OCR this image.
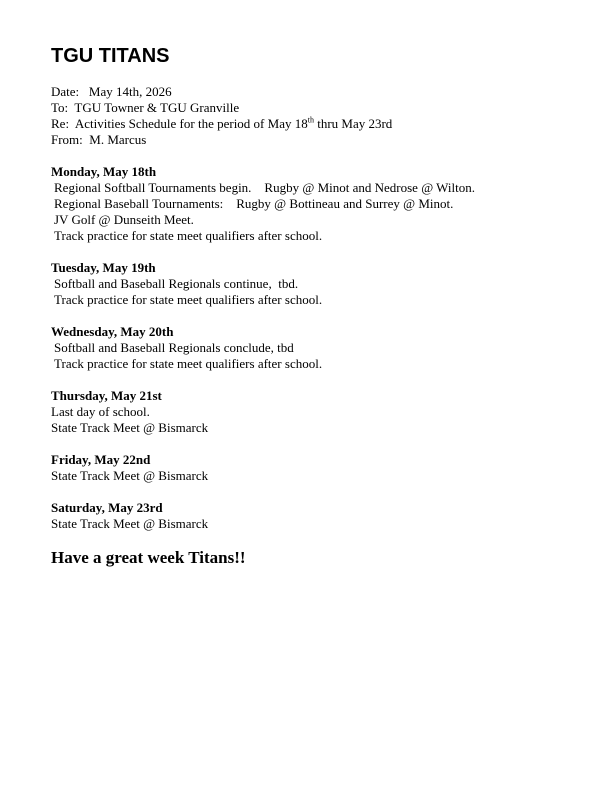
TGU TITANS
Date: May 14th, 2026
To: TGU Towner & TGU Granville
Re: Activities Schedule for the period of May 18th thru May 23rd
From: M. Marcus
Monday, May 18th
Regional Softball Tournaments begin.    Rugby @ Minot and Nedrose @ Wilton.
Regional Baseball Tournaments:    Rugby @ Bottineau and Surrey @ Minot.
JV Golf @ Dunseith Meet.
Track practice for state meet qualifiers after school.
Tuesday, May 19th
Softball and Baseball Regionals continue,  tbd.
Track practice for state meet qualifiers after school.
Wednesday, May 20th
Softball and Baseball Regionals conclude, tbd
Track practice for state meet qualifiers after school.
Thursday, May 21st
Last day of school.
State Track Meet @ Bismarck
Friday, May 22nd
State Track Meet @ Bismarck
Saturday, May 23rd
State Track Meet @ Bismarck
Have a great week Titans!!
